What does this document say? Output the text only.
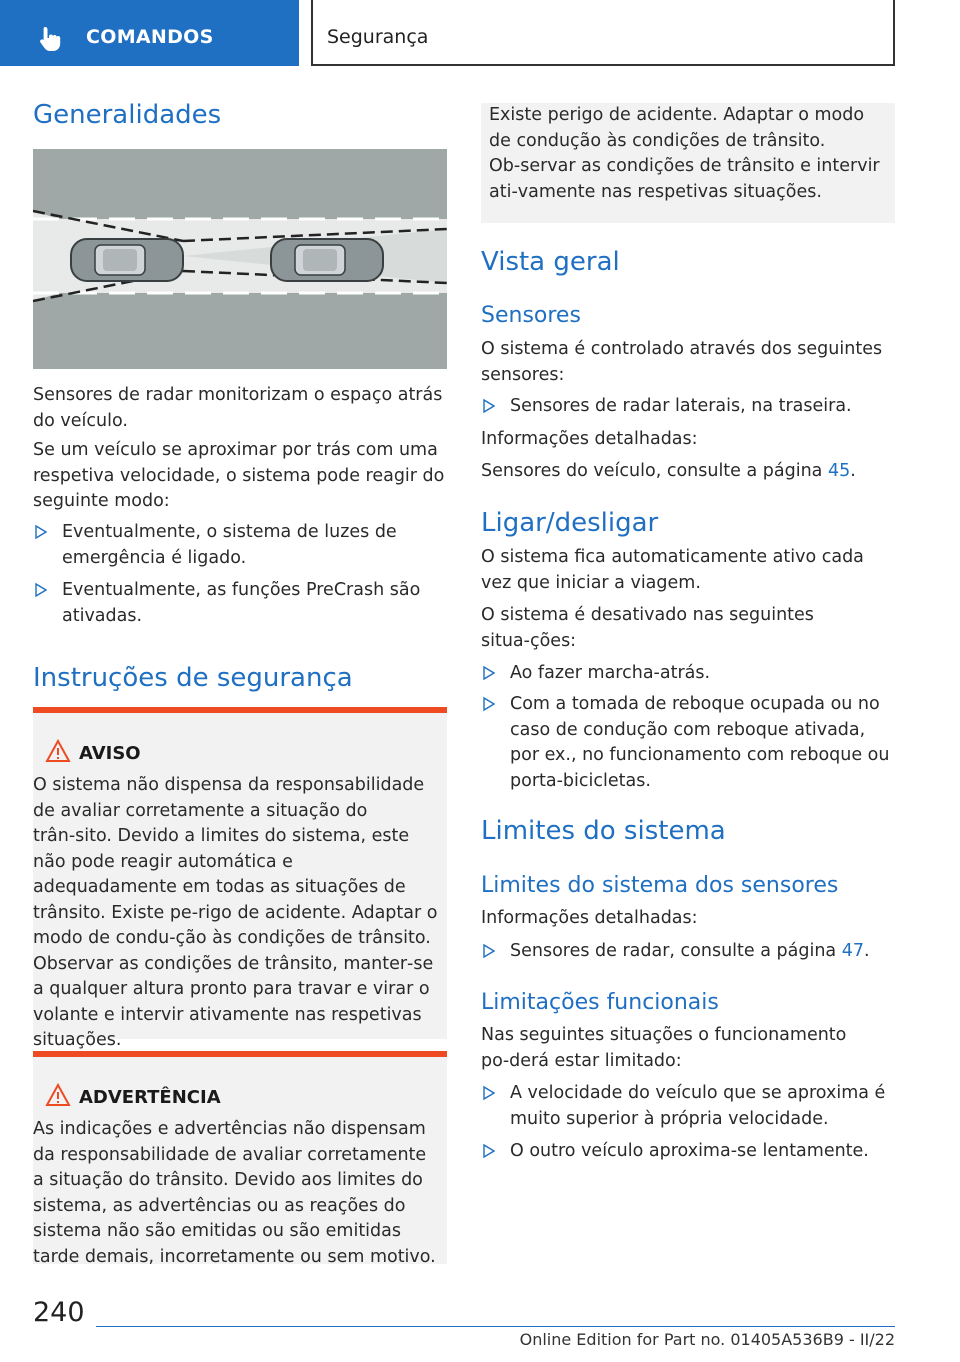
COMANDOS	Segurança
Generalidades

Sensores de radar monitorizam o espaço atrás do veículo.

Se um veículo se aproximar por trás com uma respetiva velocidade, o sistema pode reagir do seguinte modo:

Eventualmente, o sistema de luzes de emergência é ligado.
Eventualmente, as funções PreCrash são ativadas.
Instruções de segurança
AVISO

O sistema não dispensa da responsabilidade de avaliar corretamente a situação do trân‑sito. Devido a limites do sistema, este não pode reagir automática e adequadamente em todas as situações de trânsito. Existe pe‑rigo de acidente. Adaptar o modo de condu‑ção às condições de trânsito. Observar as condições de trânsito, manter‑se a qualquer altura pronto para travar e virar o volante e intervir ativamente nas respetivas situações.

ADVERTÊNCIA

As indicações e advertências não dispensam da responsabilidade de avaliar corretamente a situação do trânsito. Devido aos limites do sistema, as advertências ou as reações do sistema não são emitidas ou são emitidas tarde demais, incorretamente ou sem motivo.

Existe perigo de acidente. Adaptar o modo de condução às condições de trânsito. Ob‑servar as condições de trânsito e intervir ati‑vamente nas respetivas situações.

Vista geral
Sensores

O sistema é controlado através dos seguintes sensores:

Sensores de radar laterais, na traseira.

Informações detalhadas:

Sensores do veículo, consulte a página 45.

Ligar/desligar

O sistema fica automaticamente ativo cada vez que iniciar a viagem.

O sistema é desativado nas seguintes situa‑ções:

Ao fazer marcha-atrás.
Com a tomada de reboque ocupada ou no caso de condução com reboque ativada, por ex., no funcionamento com reboque ou porta-bicicletas.
Limites do sistema
Limites do sistema dos sensores

Informações detalhadas:

Sensores de radar, consulte a página 47.
Limitações funcionais

Nas seguintes situações o funcionamento po‑derá estar limitado:

A velocidade do veículo que se aproxima é muito superior à própria velocidade.
O outro veículo aproxima-se lentamente.
240
Online Edition for Part no. 01405A536B9 - II/22
